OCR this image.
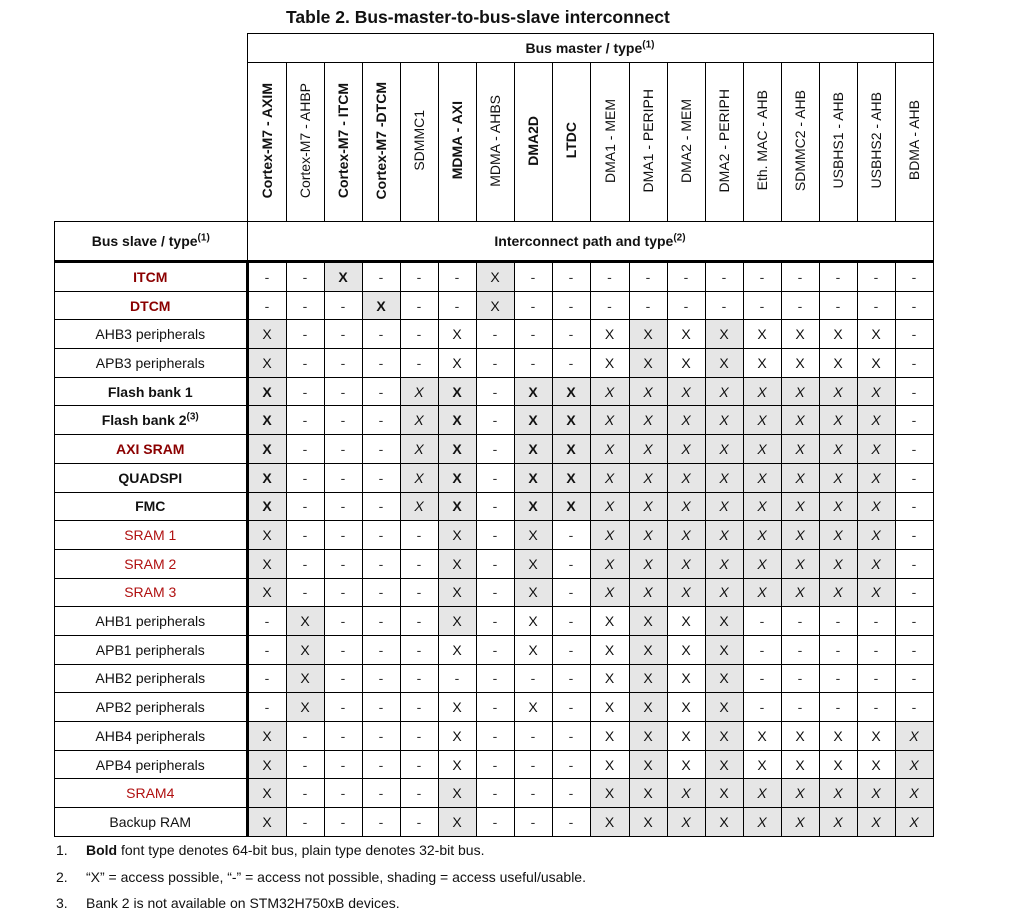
Table 2. Bus-master-to-bus-slave interconnect
	Bus master / type$^{(1)}$
	Cortex-M7 - AXIM	Cortex-M7 - AHBP	Cortex-M7 - ITCM	Cortex-M7 -DTCM	SDMMC1	MDMA - AXI	MDMA - AHBS	DMA2D	LTDC	DMA1 - MEM	DMA1 - PERIPH	DMA2 - MEM	DMA2 - PERIPH	Eth. MAC - AHB	SDMMC2 - AHB	USBHS1 - AHB	USBHS2 - AHB	BDMA - AHB
Bus slave / type$^{(1)}$	Interconnect path and type$^{(2)}$
ITCM	-	-	X	-	-	-	X	-	-	-	-	-	-	-	-	-	-	-
DTCM	-	-	-	X	-	-	X	-	-	-	-	-	-	-	-	-	-	-
AHB3 peripherals	X	-	-	-	-	X	-	-	-	X	X	X	X	X	X	X	X	-
APB3 peripherals	X	-	-	-	-	X	-	-	-	X	X	X	X	X	X	X	X	-
Flash bank 1	X	-	-	-	X	X	-	X	X	X	X	X	X	X	X	X	X	-
Flash bank 2$^{(3)}$	X	-	-	-	X	X	-	X	X	X	X	X	X	X	X	X	X	-
AXI SRAM	X	-	-	-	X	X	-	X	X	X	X	X	X	X	X	X	X	-
QUADSPI	X	-	-	-	X	X	-	X	X	X	X	X	X	X	X	X	X	-
FMC	X	-	-	-	X	X	-	X	X	X	X	X	X	X	X	X	X	-
SRAM 1	X	-	-	-	-	X	-	X	-	X	X	X	X	X	X	X	X	-
SRAM 2	X	-	-	-	-	X	-	X	-	X	X	X	X	X	X	X	X	-
SRAM 3	X	-	-	-	-	X	-	X	-	X	X	X	X	X	X	X	X	-
AHB1 peripherals	-	X	-	-	-	X	-	X	-	X	X	X	X	-	-	-	-	-
APB1 peripherals	-	X	-	-	-	X	-	X	-	X	X	X	X	-	-	-	-	-
AHB2 peripherals	-	X	-	-	-	-	-	-	-	X	X	X	X	-	-	-	-	-
APB2 peripherals	-	X	-	-	-	X	-	X	-	X	X	X	X	-	-	-	-	-
AHB4 peripherals	X	-	-	-	-	X	-	-	-	X	X	X	X	X	X	X	X	X
APB4 peripherals	X	-	-	-	-	X	-	-	-	X	X	X	X	X	X	X	X	X
SRAM4	X	-	-	-	-	X	-	-	-	X	X	X	X	X	X	X	X	X
Backup RAM	X	-	-	-	-	X	-	-	-	X	X	X	X	X	X	X	X	X
1.	Bold font type denotes 64-bit bus, plain type denotes 32-bit bus.
2.	“X” = access possible, “-” = access not possible, shading = access useful/usable.
3.	Bank 2 is not available on STM32H750xB devices.
